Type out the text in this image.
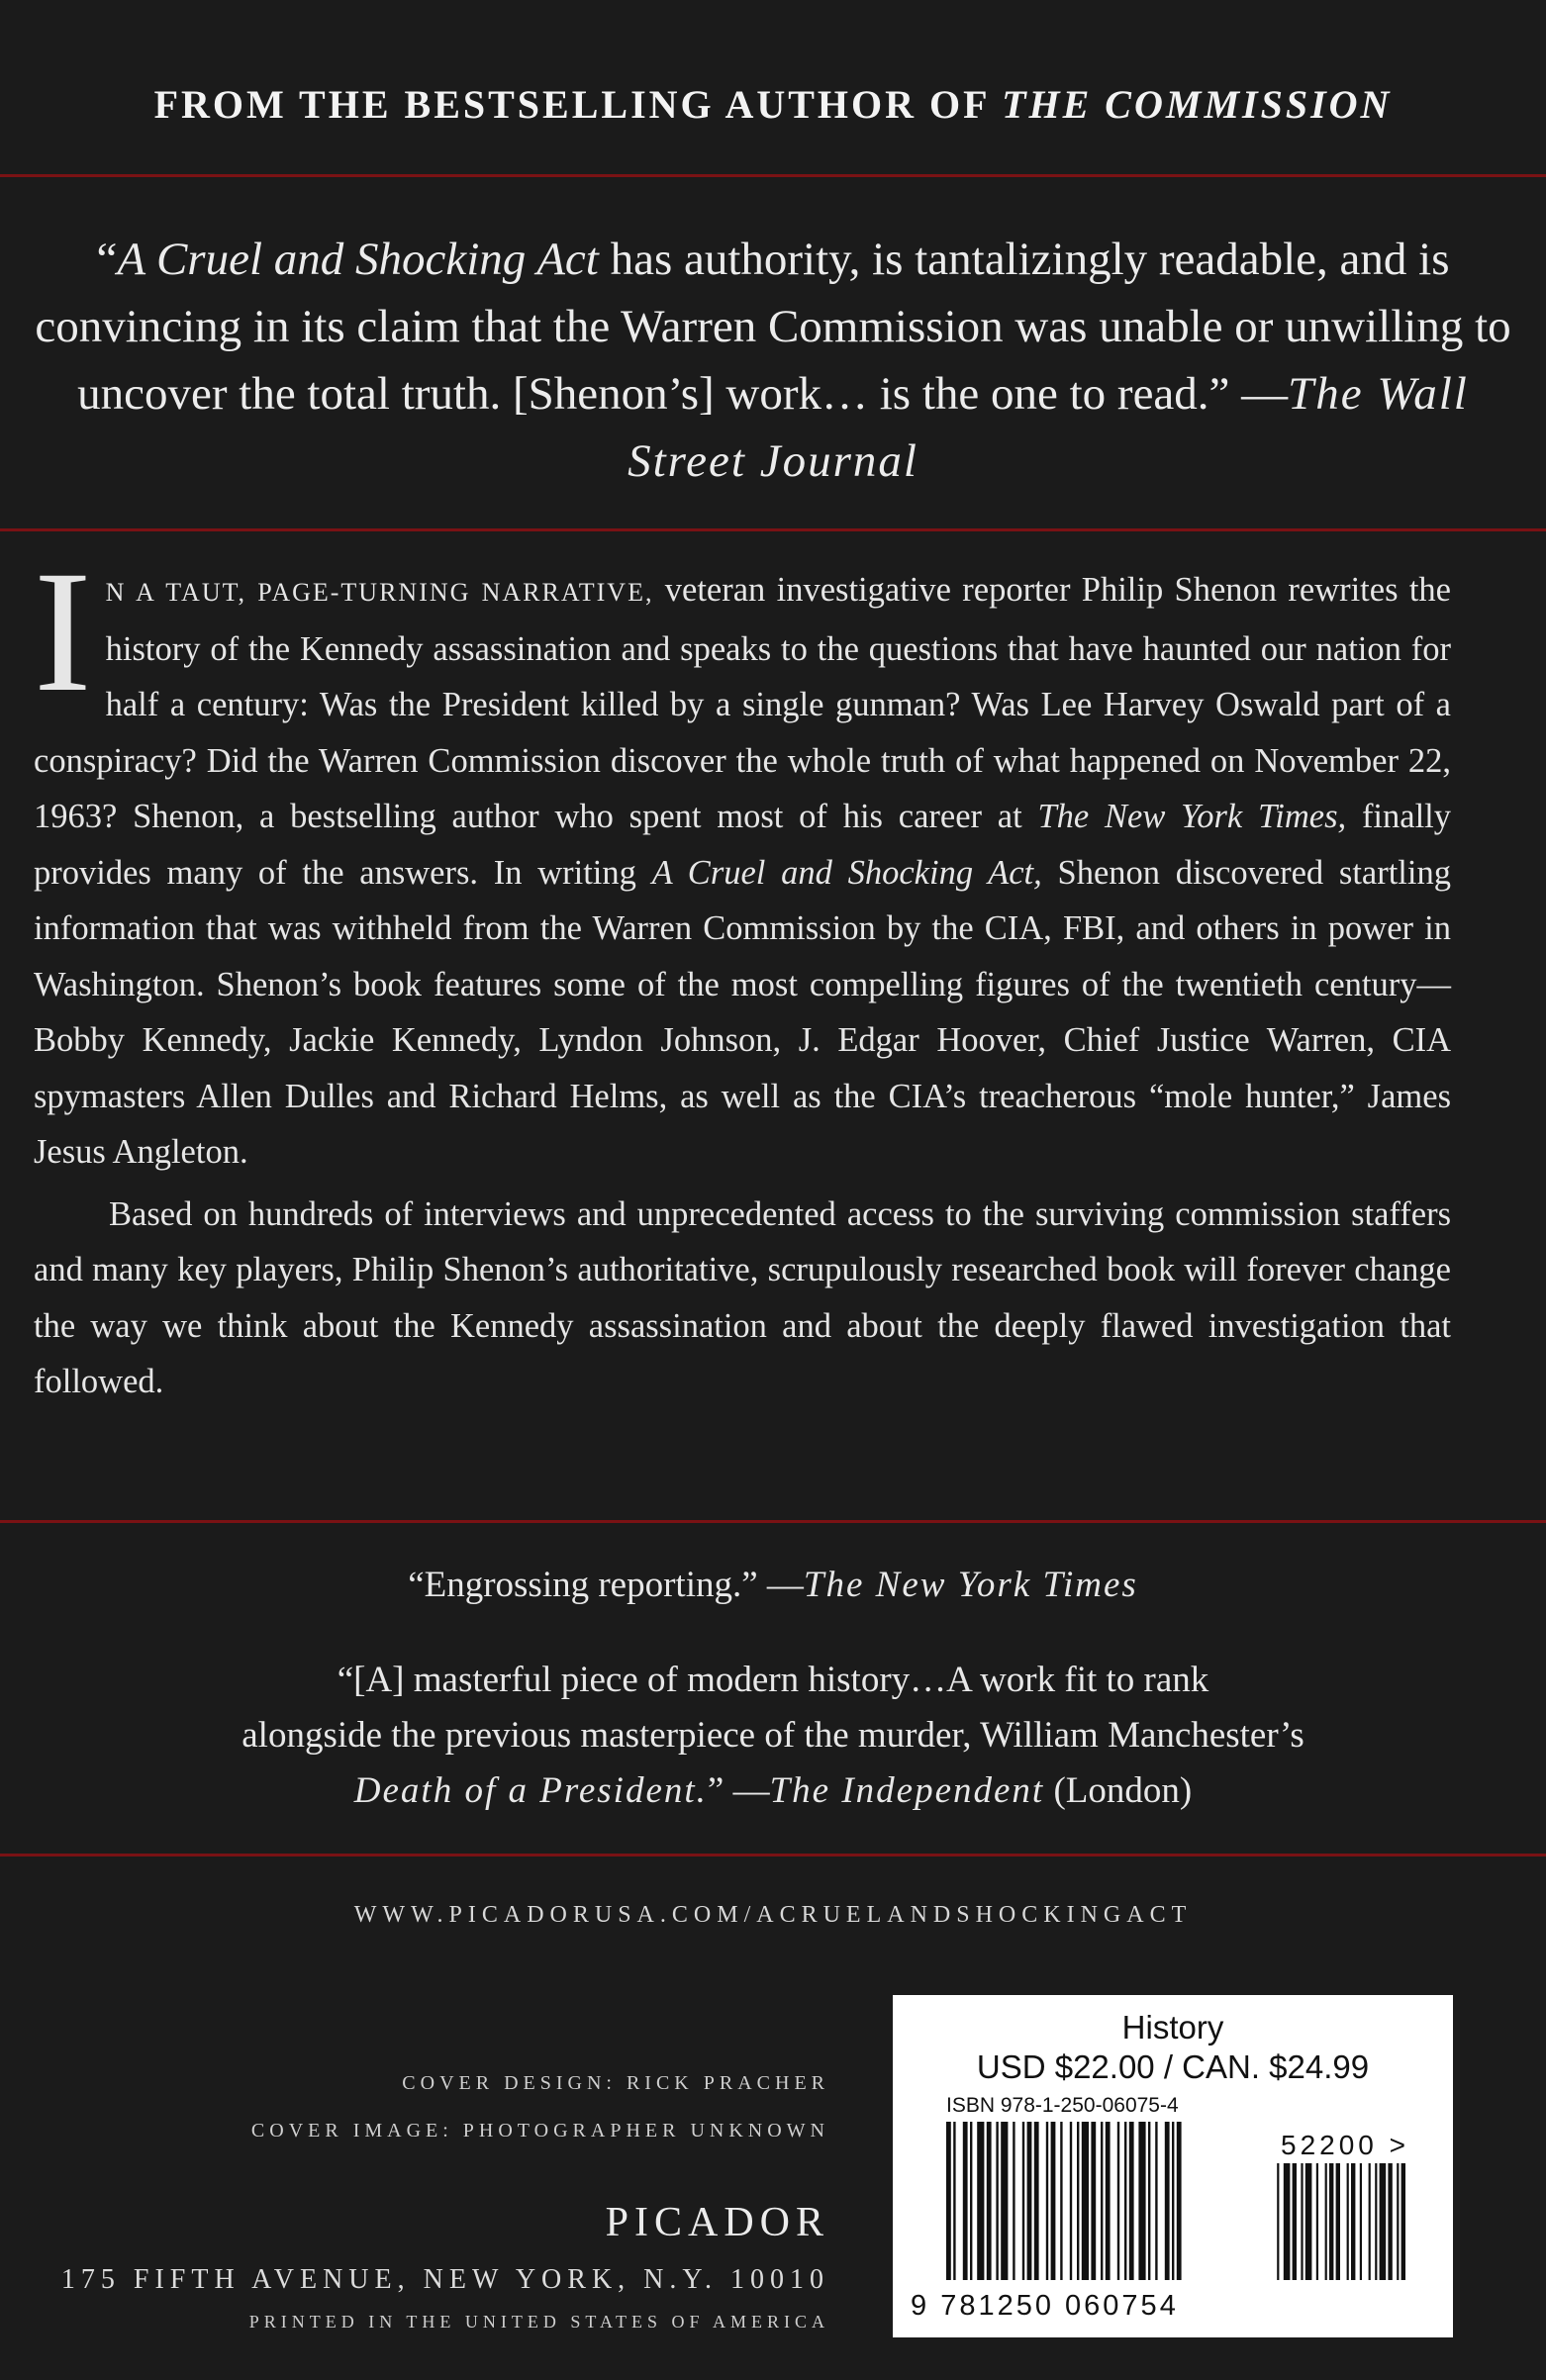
FROM THE BESTSELLING AUTHOR OF THE COMMISSION
“A Cruel and Shocking Act has authority, is tantalizingly readable, and is convincing in its claim that the Warren Commission was unable or unwilling to uncover the total truth. [Shenon’s] work… is the one to read.” —The Wall Street Journal

I N A TAUT, PAGE-TURNING NARRATIVE, veteran investigative reporter Philip Shenon rewrites the history of the Kennedy assassination and speaks to the questions that have haunted our nation for half a century: Was the President killed by a single gunman? Was Lee Harvey Oswald part of a conspiracy? Did the Warren Commission discover the whole truth of what happened on November 22, 1963? Shenon, a bestselling author who spent most of his career at The New York Times, finally provides many of the answers. In writing A Cruel and Shocking Act, Shenon discovered startling information that was withheld from the Warren Commission by the CIA, FBI, and others in power in Washington. Shenon’s book features some of the most compelling figures of the twentieth century—Bobby Kennedy, Jackie Kennedy, Lyndon Johnson, J. Edgar Hoover, Chief Justice Warren, CIA spymasters Allen Dulles and Richard Helms, as well as the CIA’s treacherous “mole hunter,” James Jesus Angleton.

Based on hundreds of interviews and unprecedented access to the surviving commission staffers and many key players, Philip Shenon’s authoritative, scrupulously researched book will forever change the way we think about the Kennedy assassination and about the deeply flawed investigation that followed.

“Engrossing reporting.” —The New York Times
“[A] masterful piece of modern history…A work fit to rank
alongside the previous masterpiece of the murder, William Manchester’s
Death of a President.” —The Independent (London)
WWW.PICADORUSA.COM/ACRUELANDSHOCKINGACT
COVER DESIGN: RICK PRACHER
COVER IMAGE: PHOTOGRAPHER UNKNOWN
PICADOR
175 FIFTH AVENUE, NEW YORK, N.Y. 10010
PRINTED IN THE UNITED STATES OF AMERICA
History
USD $22.00 / CAN. $24.99
ISBN 978-1-250-06075-4
52200 >
9 781250 060754
